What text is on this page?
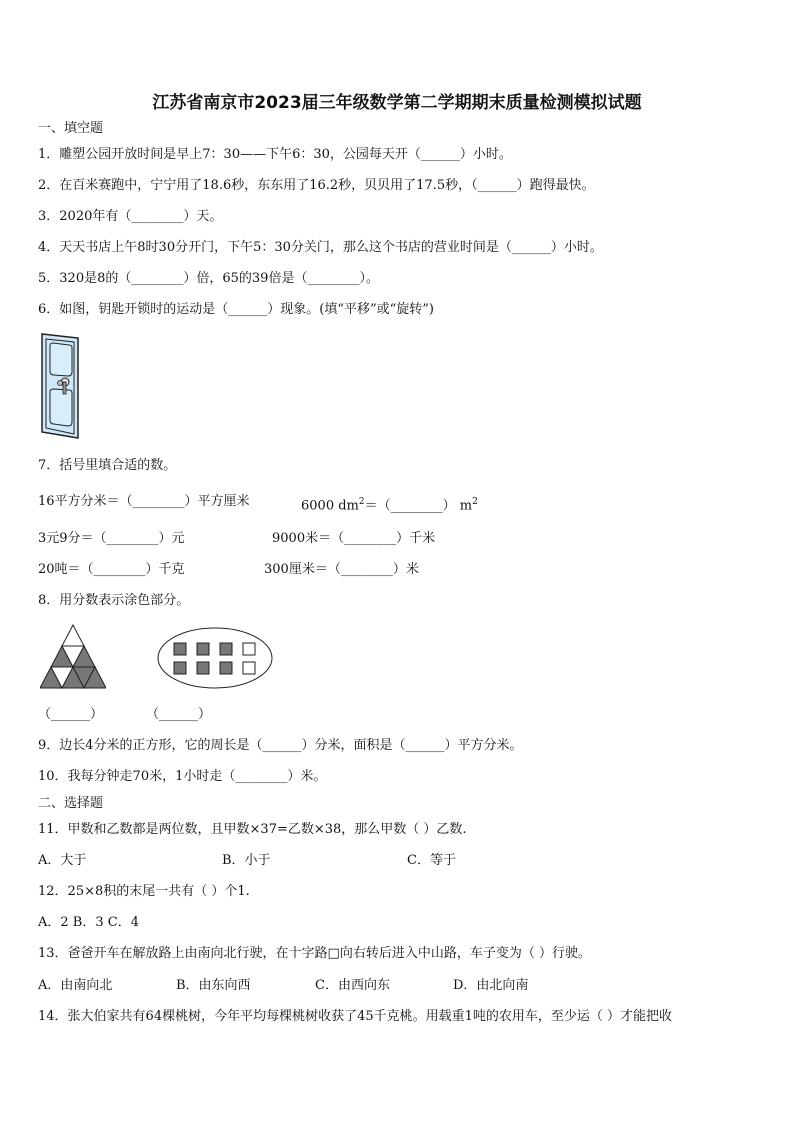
江苏省南京市2023届三年级数学第二学期期末质量检测模拟试题
一、填空题
1．雕塑公园开放时间是早上7：30——下午6：30，公园每天开（______）小时。
2．在百米赛跑中，宁宁用了18.6秒，东东用了16.2秒，贝贝用了17.5秒，（______）跑得最快。
3．2020年有（________）天。
4．天天书店上午8时30分开门，下午5：30分关门，那么这个书店的营业时间是（______）小时。
5．320是8的（________）倍，65的39倍是（________）。
6．如图，钥匙开锁时的运动是（______）现象。(填“平移”或“旋转”)
7．括号里填合适的数。
16平方分米＝（________）平方厘米	6000 $dm^2=(\_\_\_\_\_\_\_\_)$ $m^2$
3元9分＝（________）元	9000米＝（________）千米
20吨＝（________）千克	300厘米＝（________）米
8．用分数表示涂色部分。
（______）	（______）
9．边长4分米的正方形，它的周长是（______）分米，面积是（______）平方分米。
10．我每分钟走70米，1小时走（________）米。
二、选择题
11．甲数和乙数都是两位数，且甲数×37=乙数×38，那么甲数（ ）乙数.
A．大于	B．小于	C．等于
12．25×8积的末尾一共有（ ）个1.
A．2 B．3 C．4
13．爸爸开车在解放路上由南向北行驶，在十字路□向右转后进入中山路，车子变为（ ）行驶。
A．由南向北	B．由东向西	C．由西向东	D．由北向南
14．张大伯家共有64棵桃树，今年平均每棵桃树收获了45千克桃。用载重1吨的农用车，至少运（ ）才能把收
